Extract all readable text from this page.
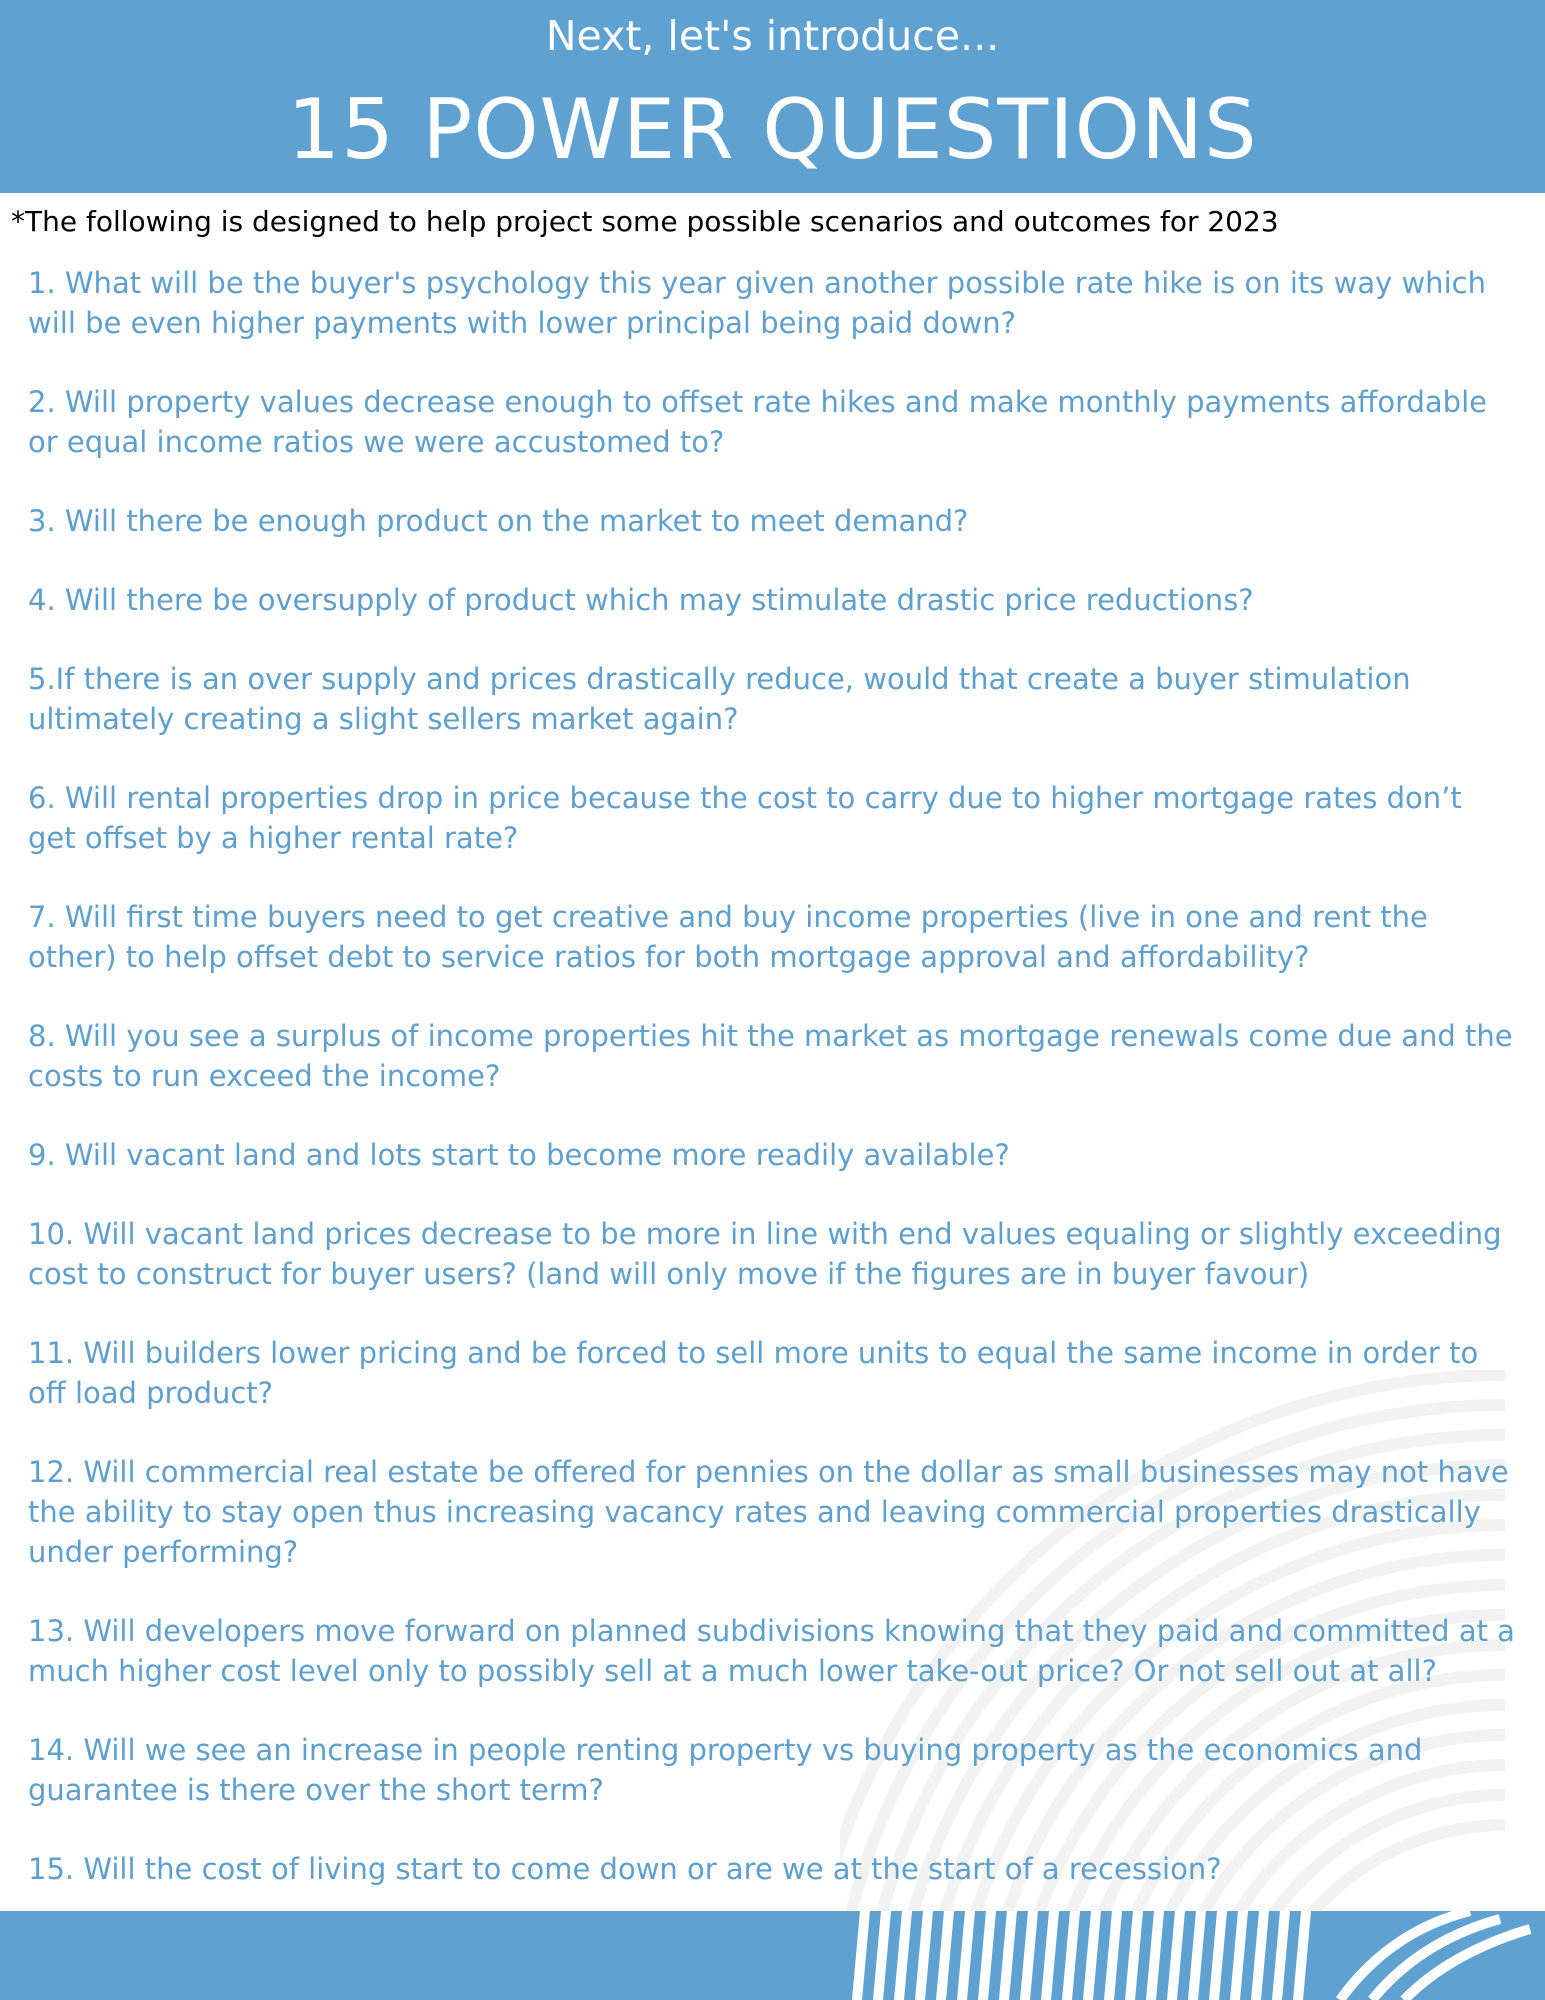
Next, let's introduce...
15 POWER QUESTIONS
*The following is designed to help project some possible scenarios and outcomes for 2023
1. What will be the buyer's psychology this year given another possible rate hike is on its way which will be even higher payments with lower principal being paid down?
2. Will property values decrease enough to offset rate hikes and make monthly payments affordable or equal income ratios we were accustomed to?
3. Will there be enough product on the market to meet demand?
4. Will there be oversupply of product which may stimulate drastic price reductions?
5.If there is an over supply and prices drastically reduce, would that create a buyer stimulation ultimately creating a slight sellers market again?
6. Will rental properties drop in price because the cost to carry due to higher mortgage rates don’t get offset by a higher rental rate?
7. Will first time buyers need to get creative and buy income properties (live in one and rent the other) to help offset debt to service ratios for both mortgage approval and affordability?
8. Will you see a surplus of income properties hit the market as mortgage renewals come due and the costs to run exceed the income?
9. Will vacant land and lots start to become more readily available?
10. Will vacant land prices decrease to be more in line with end values equaling or slightly exceeding cost to construct for buyer users? (land will only move if the figures are in buyer favour)
11. Will builders lower pricing and be forced to sell more units to equal the same income in order to off load product?
12. Will commercial real estate be offered for pennies on the dollar as small businesses may not have the ability to stay open thus increasing vacancy rates and leaving commercial properties drastically under performing?
13. Will developers move forward on planned subdivisions knowing that they paid and committed at a much higher cost level only to possibly sell at a much lower take-out price? Or not sell out at all?
14. Will we see an increase in people renting property vs buying property as the economics and guarantee is there over the short term?
15. Will the cost of living start to come down or are we at the start of a recession?
